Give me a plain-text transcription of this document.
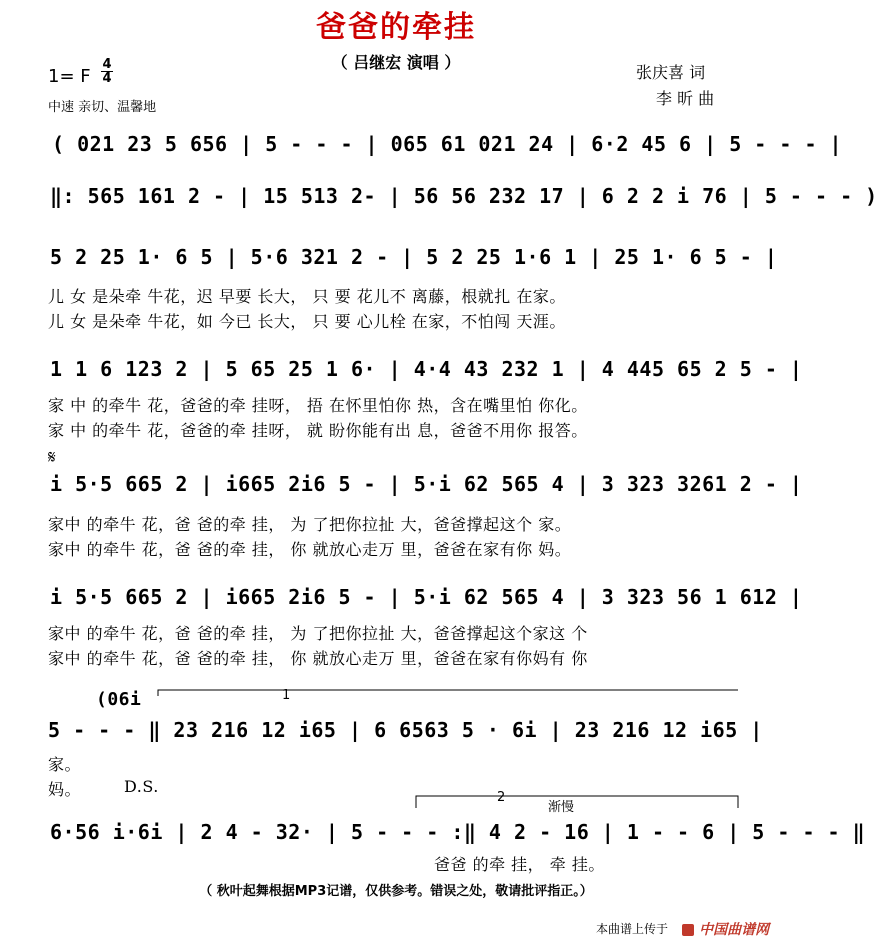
爸爸的牵挂
（ 吕继宏 演唱 ）
张庆喜 词
李 昕 曲
1= F
4
4
中速 亲切、温馨地
( 021 23 5 656 | 5 - - - | 065 61 021 24 | 6·2 45 6 | 5 - - - |
‖: 565 161 2 - | 15 513 2- | 56 56 232 17 | 6 2 2 i 76 | 5 - - - )
5 2 25 1· 6 5 | 5·6 321 2 - | 5 2 25 1·6 1 | 25 1· 6 5 - |
儿 女 是朵牵 牛花，迟 早要 长大， 只 要 花儿不 离藤，根就扎 在家。
儿 女 是朵牵 牛花，如 今已 长大， 只 要 心儿栓 在家，不怕闯 天涯。
1 1 6 123 2 | 5 65 25 1 6· | 4·4 43 232 1 | 4 445 65 2 5 - |
家 中 的牵牛 花，爸爸的牵 挂呀， 捂 在怀里怕你 热，含在嘴里怕 你化。
家 中 的牵牛 花，爸爸的牵 挂呀， 就 盼你能有出 息，爸爸不用你 报答。
𝄋
i 5·5 665 2 | i665 2i6 5 - | 5·i 62 565 4 | 3 323 3261 2 - |
家中 的牵牛 花，爸 爸的牵 挂， 为 了把你拉扯 大，爸爸撑起这个 家。
家中 的牵牛 花，爸 爸的牵 挂， 你 就放心走万 里，爸爸在家有你 妈。
i 5·5 665 2 | i665 2i6 5 - | 5·i 62 565 4 | 3 323 56 1 612 |
家中 的牵牛 花，爸 爸的牵 挂， 为 了把你拉扯 大，爸爸撑起这个家这 个
家中 的牵牛 花，爸 爸的牵 挂， 你 就放心走万 里，爸爸在家有你妈有 你
(06i	1
5 - - - ‖ 23 216 12 i65 | 6 6563 5 · 6i | 23 216 12 i65 |
家。
妈。	D.S.
2
渐慢
6·56 i·6i | 2 4 - 32· | 5 - - - :‖ 4 2 - 16 | 1 - - 6 | 5 - - - ‖
爸爸 的牵 挂， 牵 挂。
（ 秋叶起舞根据MP3记谱，仅供参考。错误之处，敬请批评指正。）
本曲谱上传于	中国曲谱网
